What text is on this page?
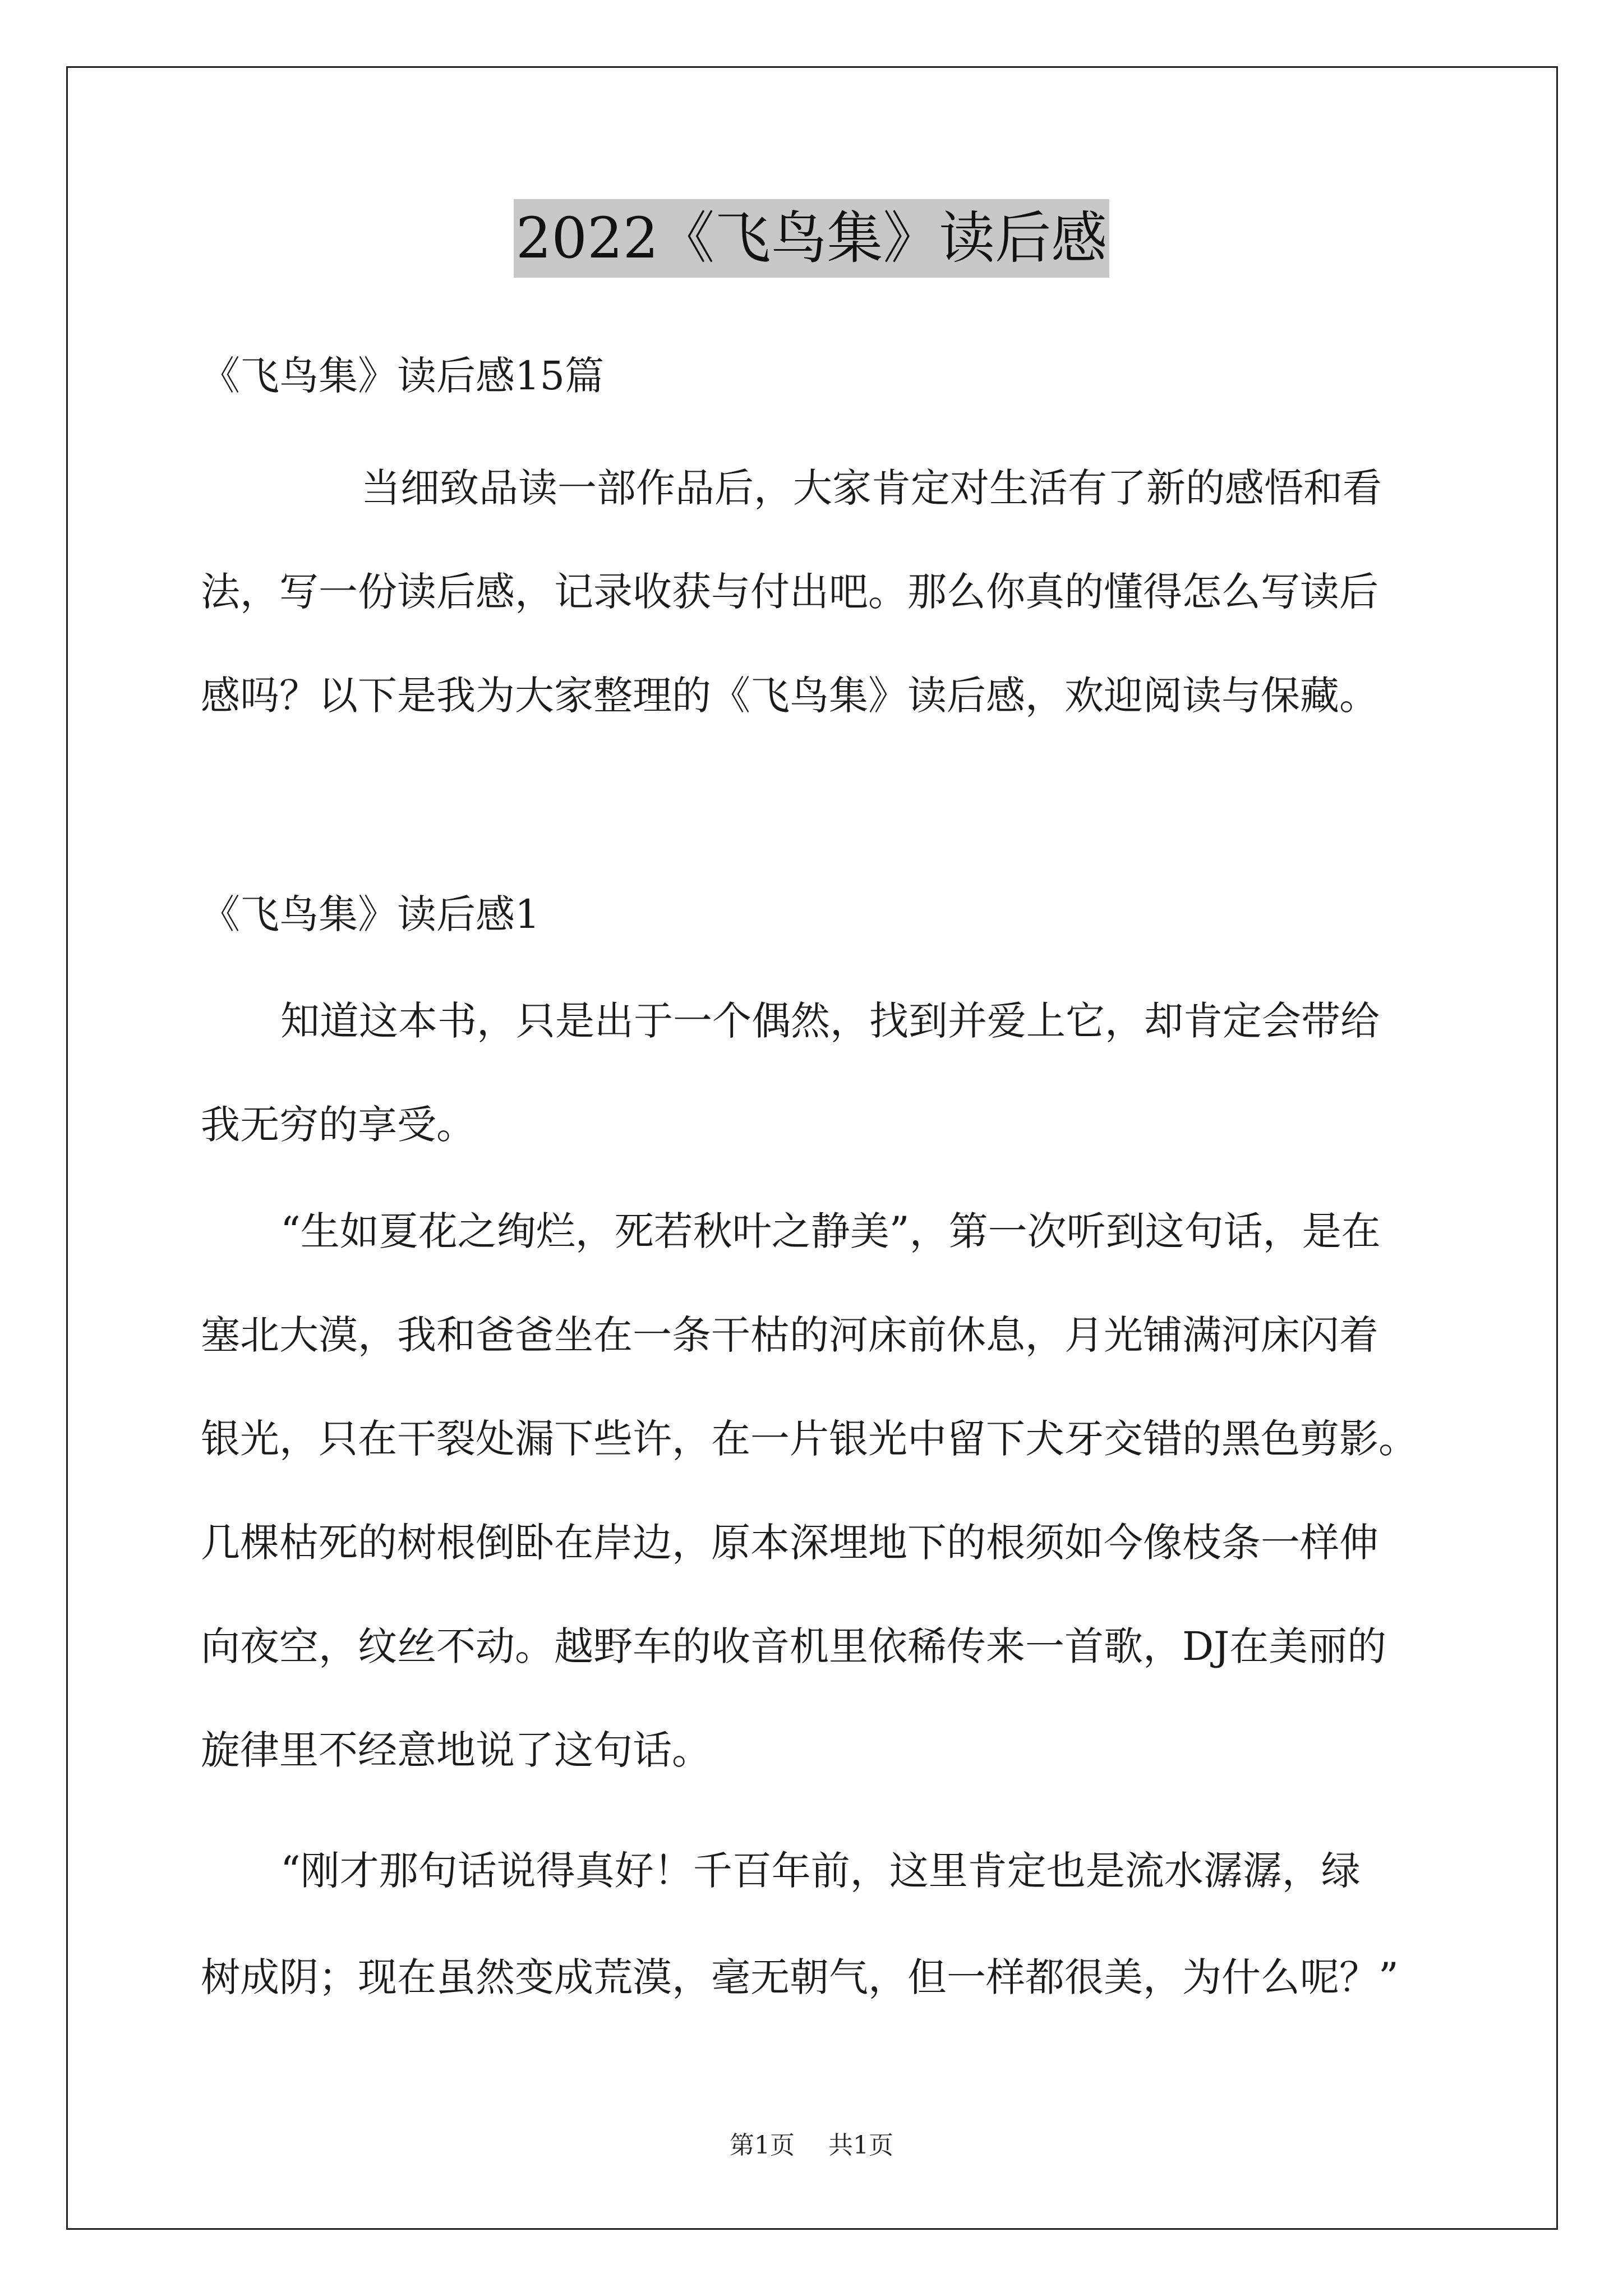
2022《飞鸟集》读后感
《飞鸟集》读后感15篇
当细致品读一部作品后，大家肯定对生活有了新的感悟和看
法，写一份读后感，记录收获与付出吧。那么你真的懂得怎么写读后
感吗？以下是我为大家整理的《飞鸟集》读后感，欢迎阅读与保藏。
《飞鸟集》读后感1
知道这本书，只是出于一个偶然，找到并爱上它，却肯定会带给
我无穷的享受。
“生如夏花之绚烂，死若秋叶之静美”，第一次听到这句话，是在
塞北大漠，我和爸爸坐在一条干枯的河床前休息，月光铺满河床闪着
银光，只在干裂处漏下些许，在一片银光中留下犬牙交错的黑色剪影。
几棵枯死的树根倒卧在岸边，原本深埋地下的根须如今像枝条一样伸
向夜空，纹丝不动。越野车的收音机里依稀传来一首歌，DJ在美丽的
旋律里不经意地说了这句话。
“刚才那句话说得真好！千百年前，这里肯定也是流水潺潺，绿
树成阴；现在虽然变成荒漠，毫无朝气，但一样都很美，为什么呢？”
第1页 共1页
